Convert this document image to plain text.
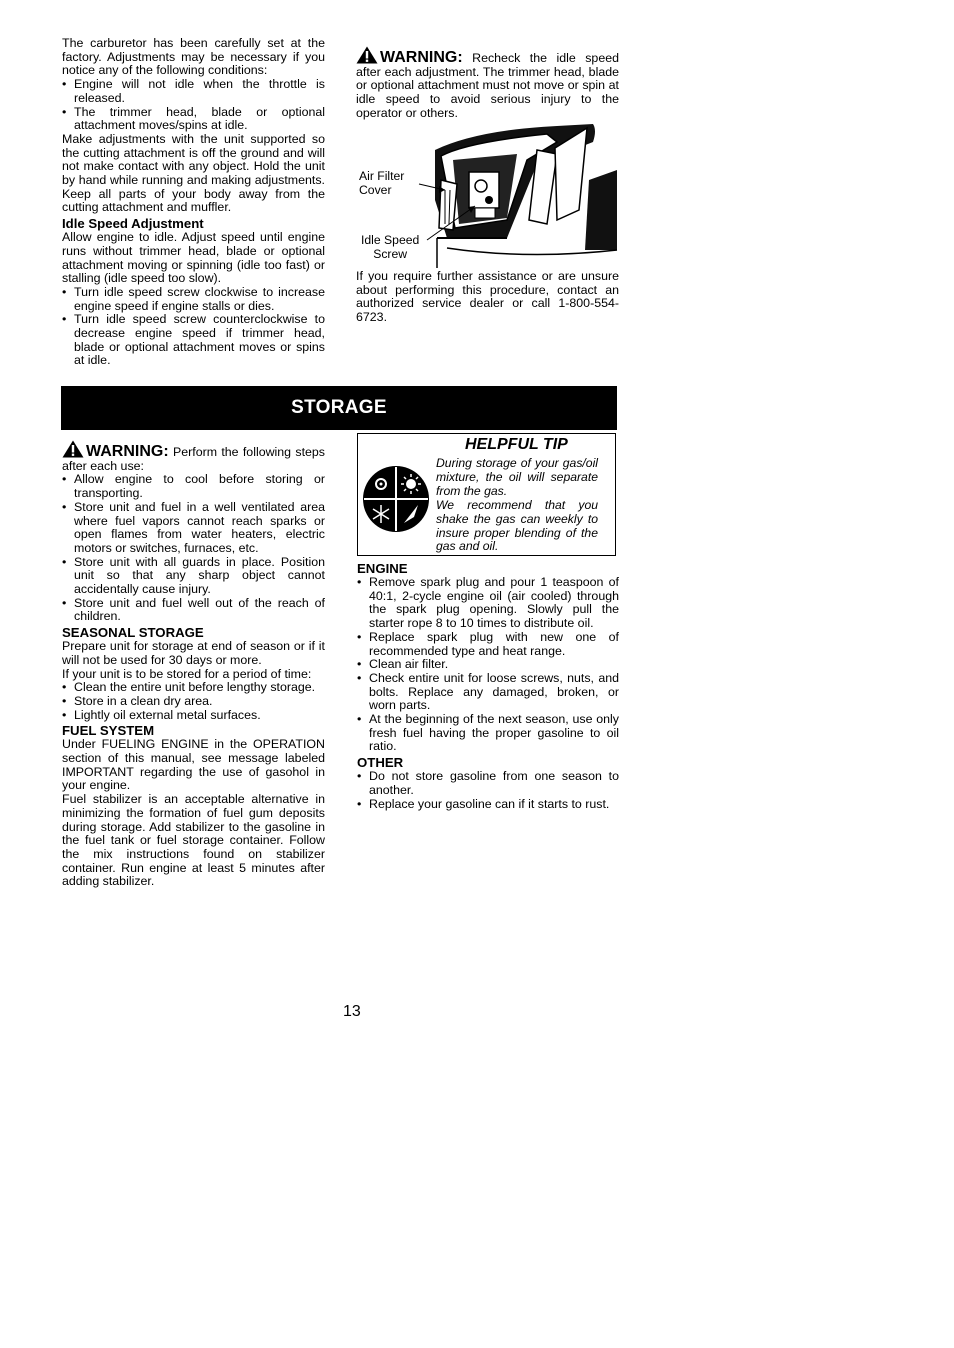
The carburetor has been carefully set at the factory. Adjustments may be necessary if you notice any of the following conditions:

• Engine will not idle when the throttle is released.
• The trimmer head, blade or optional attachment moves/spins at idle.

Make adjustments with the unit supported so the cutting attachment is off the ground and will not make contact with any object. Hold the unit by hand while running and making adjustments. Keep all parts of your body away from the cutting attachment and muffler.

Idle Speed Adjustment

Allow engine to idle. Adjust speed until engine runs without trimmer head, blade or optional attachment moving or spinning (idle too fast) or stalling (idle speed too slow).

• Turn idle speed screw clockwise to increase engine speed if engine stalls or dies.
• Turn idle speed screw counterclockwise to decrease engine speed if trimmer head, blade or optional attachment moves or spins at idle.

WARNING: Recheck the idle speed after each adjustment. The trimmer head, blade or optional attachment must not move or spin at idle speed to avoid serious injury to the operator or others.

Air Filter
Cover
Idle Speed
Screw

If you require further assistance or are unsure about performing this procedure, contact an authorized service dealer or call 1-800-554-6723.

STORAGE

WARNING: Perform the following steps after each use:

• Allow engine to cool before storing or transporting.
• Store unit and fuel in a well ventilated area where fuel vapors cannot reach sparks or open flames from water heaters, electric motors or switches, furnaces, etc.
• Store unit with all guards in place. Position unit so that any sharp object cannot accidentally cause injury.
• Store unit and fuel well out of the reach of children.
SEASONAL STORAGE

Prepare unit for storage at end of season or if it will not be used for 30 days or more.

If your unit is to be stored for a period of time:

• Clean the entire unit before lengthy storage.
• Store in a clean dry area.
• Lightly oil external metal surfaces.
FUEL SYSTEM

Under FUELING ENGINE in the OPERATION section of this manual, see message labeled IMPORTANT regarding the use of gasohol in your engine.

Fuel stabilizer is an acceptable alternative in minimizing the formation of fuel gum deposits during storage. Add stabilizer to the gasoline in the fuel tank or fuel storage container. Follow the mix instructions found on stabilizer container. Run engine at least 5 minutes after adding stabilizer.

HELPFUL TIP

During storage of your gas/oil mixture, the oil will separate from the gas.

We recommend that you shake the gas can weekly to insure proper blending of the gas and oil.

ENGINE
• Remove spark plug and pour 1 teaspoon of 40:1, 2-cycle engine oil (air cooled) through the spark plug opening. Slowly pull the starter rope 8 to 10 times to distribute oil.
• Replace spark plug with new one of recommended type and heat range.
• Clean air filter.
• Check entire unit for loose screws, nuts, and bolts. Replace any damaged, broken, or worn parts.
• At the beginning of the next season, use only fresh fuel having the proper gasoline to oil ratio.
OTHER
• Do not store gasoline from one season to another.
• Replace your gasoline can if it starts to rust.
13
